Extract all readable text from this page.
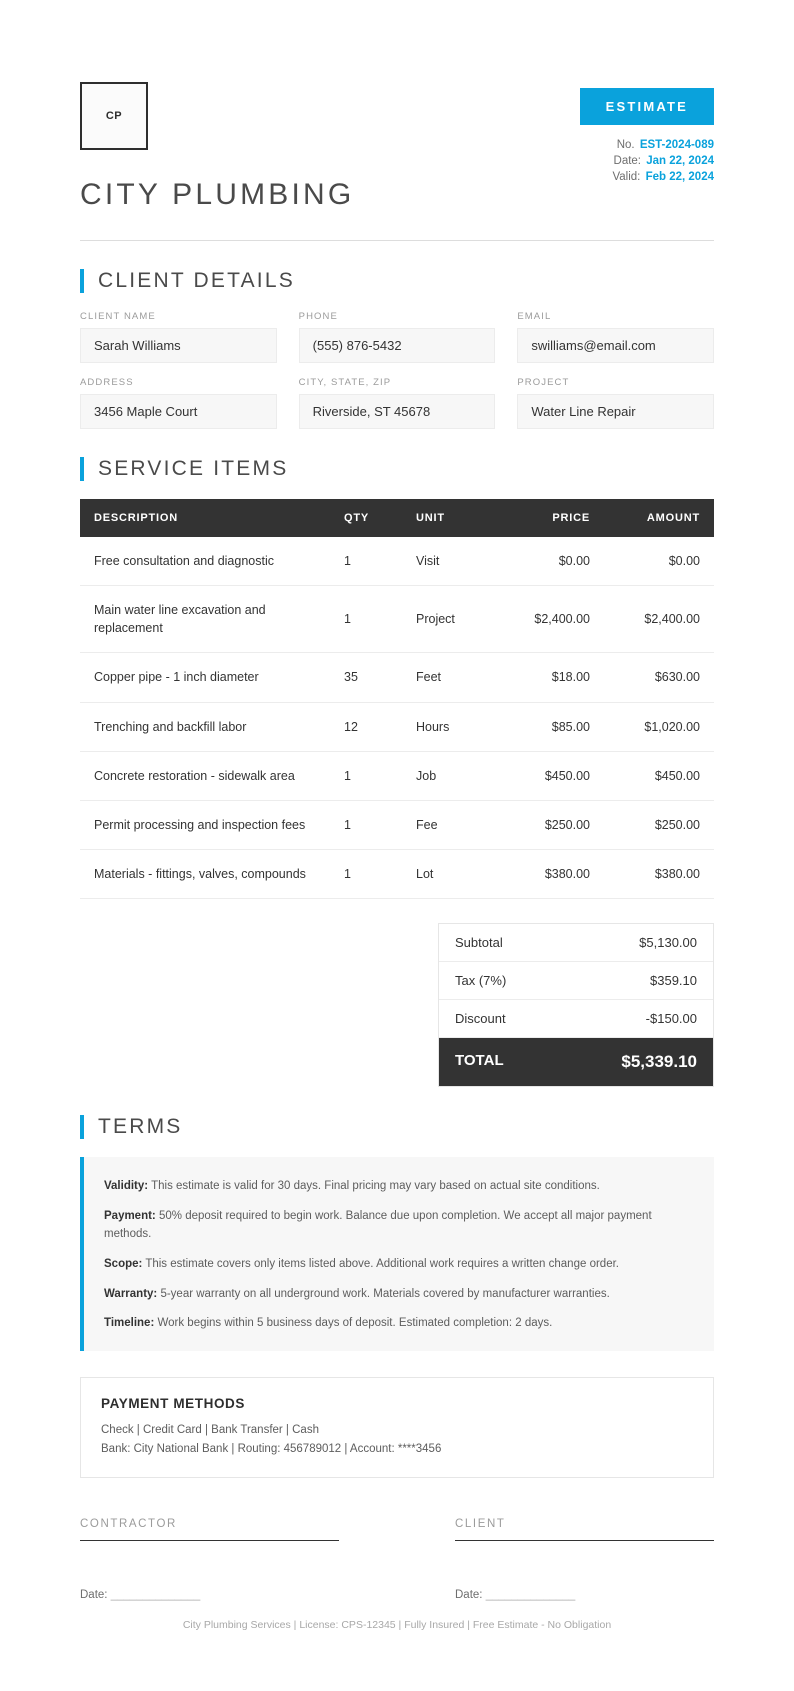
CP
CITY PLUMBING
ESTIMATE
No. EST-2024-089
Date: Jan 22, 2024
Valid: Feb 22, 2024
CLIENT DETAILS
CLIENT NAME
Sarah Williams
PHONE
(555) 876-5432
EMAIL
swilliams@email.com
ADDRESS
3456 Maple Court
CITY, STATE, ZIP
Riverside, ST 45678
PROJECT
Water Line Repair
SERVICE ITEMS
DESCRIPTION	QTY	UNIT	PRICE	AMOUNT
Free consultation and diagnostic	1	Visit	$0.00	$0.00
Main water line excavation and replacement	1	Project	$2,400.00	$2,400.00
Copper pipe - 1 inch diameter	35	Feet	$18.00	$630.00
Trenching and backfill labor	12	Hours	$85.00	$1,020.00
Concrete restoration - sidewalk area	1	Job	$450.00	$450.00
Permit processing and inspection fees	1	Fee	$250.00	$250.00
Materials - fittings, valves, compounds	1	Lot	$380.00	$380.00
Subtotal	$5,130.00
Tax (7%)	$359.10
Discount	-$150.00
TOTAL	$5,339.10
TERMS
Validity: This estimate is valid for 30 days. Final pricing may vary based on actual site conditions.
Payment: 50% deposit required to begin work. Balance due upon completion. We accept all major payment methods.
Scope: This estimate covers only items listed above. Additional work requires a written change order.
Warranty: 5-year warranty on all underground work. Materials covered by manufacturer warranties.
Timeline: Work begins within 5 business days of deposit. Estimated completion: 2 days.
PAYMENT METHODS
Check | Credit Card | Bank Transfer | Cash
Bank: City National Bank | Routing: 456789012 | Account: ****3456
CONTRACTOR
Date: ______________
CLIENT
Date: ______________
City Plumbing Services | License: CPS-12345 | Fully Insured | Free Estimate - No Obligation
